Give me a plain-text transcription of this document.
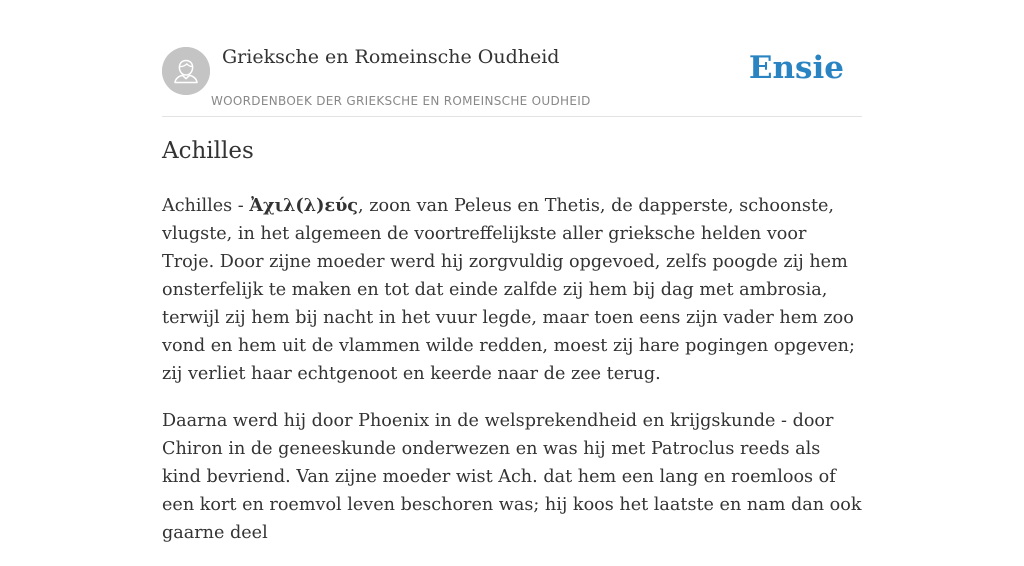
Grieksche en Romeinsche Oudheid
WOORDENBOEK DER GRIEKSCHE EN ROMEINSCHE OUDHEID
Ensie
Achilles

Achilles - Ἀχιλ(λ)εύς, zoon van Peleus en Thetis, de dapperste, schoonste, vlugste, in het algemeen de voortreffelijkste aller grieksche helden voor Troje. Door zijne moeder werd hij zorgvuldig opgevoed, zelfs poogde zij hem onsterfelijk te maken en tot dat einde zalfde zij hem bij dag met ambrosia, terwijl zij hem bij nacht in het vuur legde, maar toen eens zijn vader hem zoo vond en hem uit de vlammen wilde redden, moest zij hare pogingen opgeven; zij verliet haar echtgenoot en keerde naar de zee terug.

Daarna werd hij door Phoenix in de welsprekendheid en krijgskunde - door Chiron in de geneeskunde onderwezen en was hij met Patroclus reeds als kind bevriend. Van zijne moeder wist Ach. dat hem een lang en roemloos of een kort en roemvol leven beschoren was; hij koos het laatste en nam dan ook gaarne deel
